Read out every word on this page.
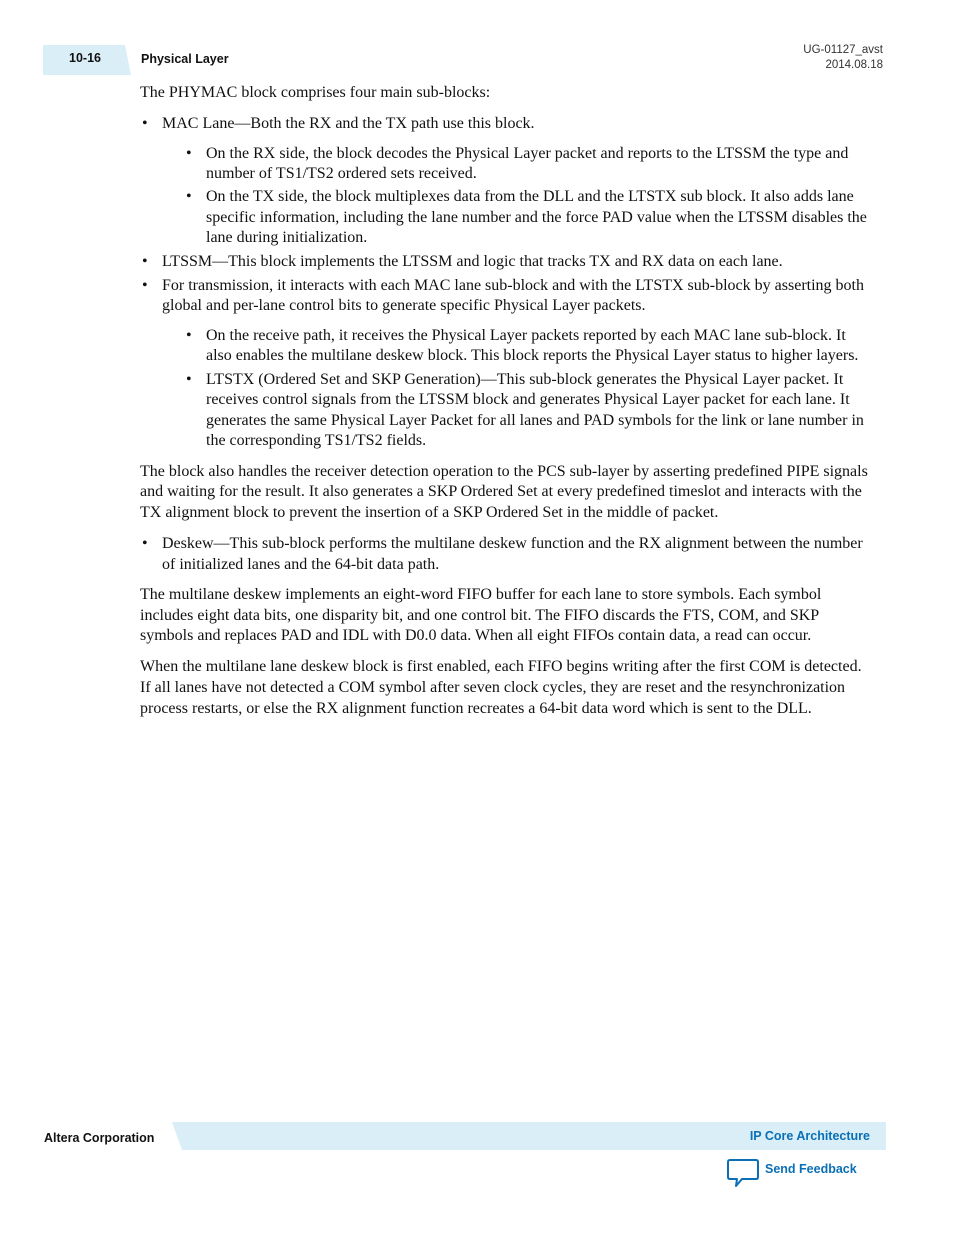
10-16	Physical Layer
UG-01127_avst
2014.08.18

The PHYMAC block comprises four main sub-blocks:

• MAC Lane—Both the RX and the TX path use this block.
• On the RX side, the block decodes the Physical Layer packet and reports to the LTSSM the type and number of TS1/TS2 ordered sets received.
• On the TX side, the block multiplexes data from the DLL and the LTSTX sub block. It also adds lane specific information, including the lane number and the force PAD value when the LTSSM disables the lane during initialization.
• LTSSM—This block implements the LTSSM and logic that tracks TX and RX data on each lane.
• For transmission, it interacts with each MAC lane sub-block and with the LTSTX sub-block by asserting both global and per-lane control bits to generate specific Physical Layer packets.
• On the receive path, it receives the Physical Layer packets reported by each MAC lane sub-block. It also enables the multilane deskew block. This block reports the Physical Layer status to higher layers.
• LTSTX (Ordered Set and SKP Generation)—This sub-block generates the Physical Layer packet. It receives control signals from the LTSSM block and generates Physical Layer packet for each lane. It generates the same Physical Layer Packet for all lanes and PAD symbols for the link or lane number in the corresponding TS1/TS2 fields.

The block also handles the receiver detection operation to the PCS sub-layer by asserting predefined PIPE signals and waiting for the result. It also generates a SKP Ordered Set at every predefined timeslot and interacts with the TX alignment block to prevent the insertion of a SKP Ordered Set in the middle of packet.

• Deskew—This sub-block performs the multilane deskew function and the RX alignment between the number of initialized lanes and the 64-bit data path.

The multilane deskew implements an eight-word FIFO buffer for each lane to store symbols. Each symbol includes eight data bits, one disparity bit, and one control bit. The FIFO discards the FTS, COM, and SKP symbols and replaces PAD and IDL with D0.0 data. When all eight FIFOs contain data, a read can occur.

When the multilane lane deskew block is first enabled, each FIFO begins writing after the first COM is detected. If all lanes have not detected a COM symbol after seven clock cycles, they are reset and the resynchronization process restarts, or else the RX alignment function recreates a 64-bit data word which is sent to the DLL.

Altera Corporation	IP Core Architecture
Send Feedback
